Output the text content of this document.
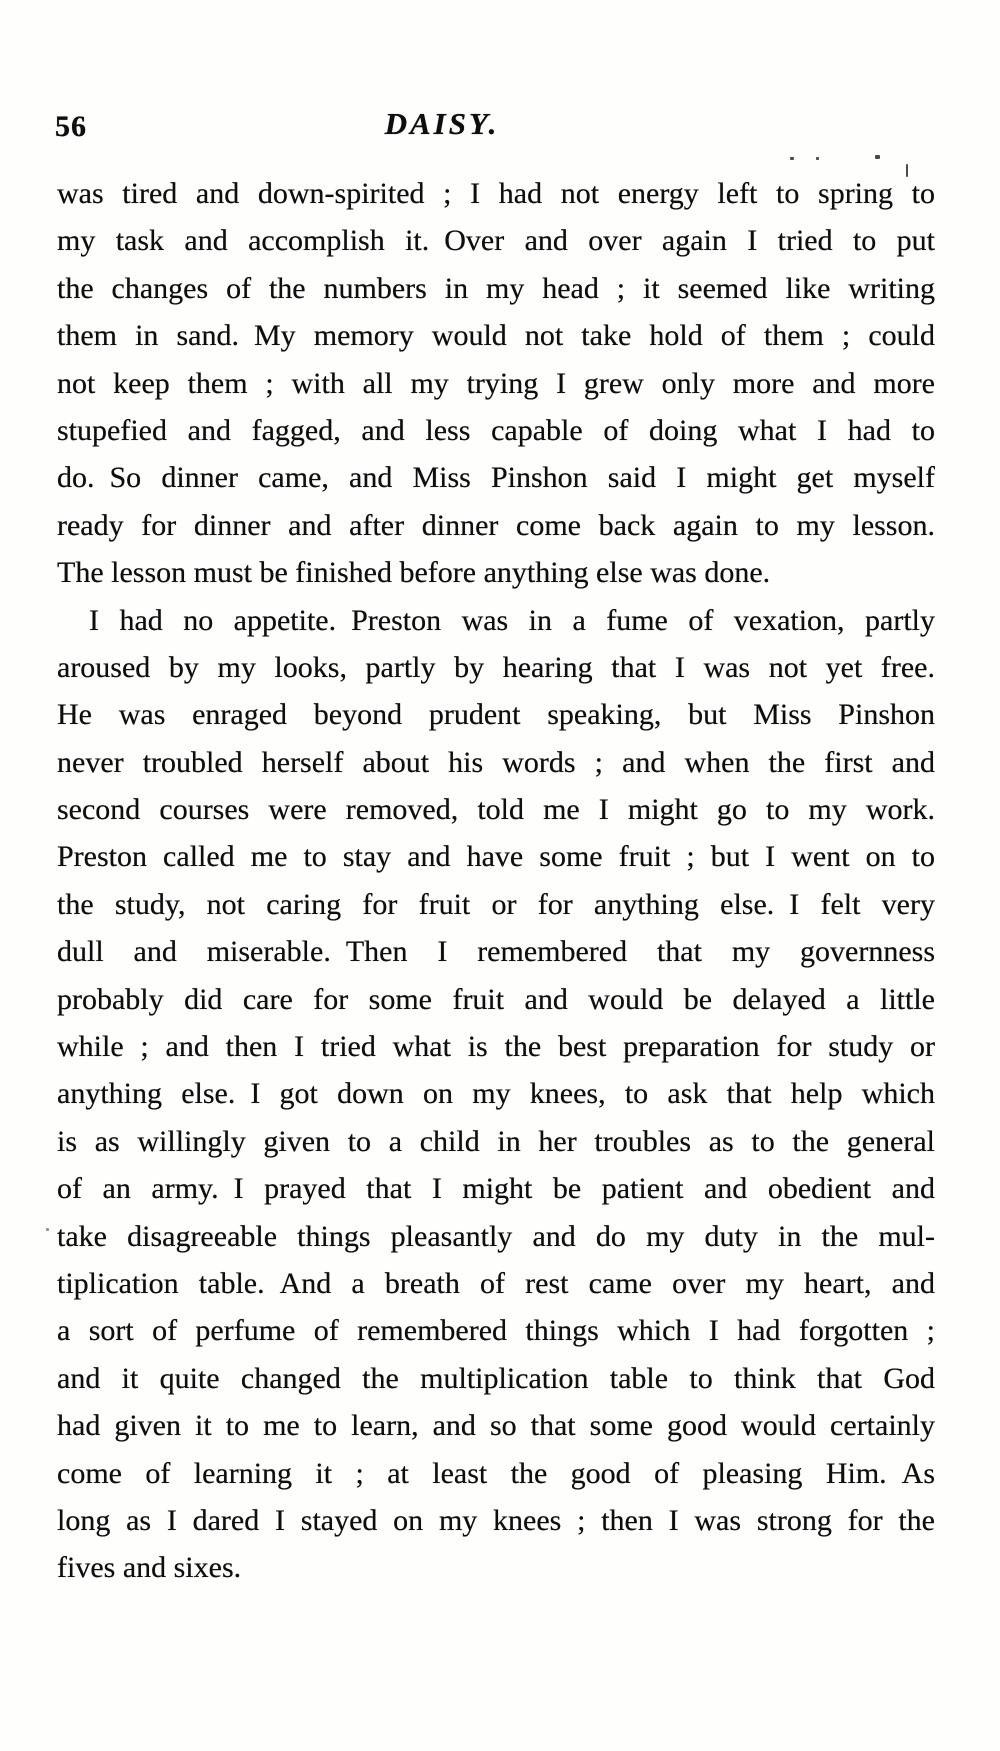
56	DAISY.
was tired and down-spirited ; I had not energy left to spring to
my task and accomplish it. Over and over again I tried to put
the changes of the numbers in my head ; it seemed like writing
them in sand. My memory would not take hold of them ; could
not keep them ; with all my trying I grew only more and more
stupefied and fagged, and less capable of doing what I had to
do. So dinner came, and Miss Pinshon said I might get myself
ready for dinner and after dinner come back again to my lesson.
The lesson must be finished before anything else was done.
I had no appetite. Preston was in a fume of vexation, partly
aroused by my looks, partly by hearing that I was not yet free.
He was enraged beyond prudent speaking, but Miss Pinshon
never troubled herself about his words ; and when the first and
second courses were removed, told me I might go to my work.
Preston called me to stay and have some fruit ; but I went on to
the study, not caring for fruit or for anything else. I felt very
dull and miserable. Then I remembered that my governness
probably did care for some fruit and would be delayed a little
while ; and then I tried what is the best preparation for study or
anything else. I got down on my knees, to ask that help which
is as willingly given to a child in her troubles as to the general
of an army. I prayed that I might be patient and obedient and
take disagreeable things pleasantly and do my duty in the mul-
tiplication table. And a breath of rest came over my heart, and
a sort of perfume of remembered things which I had forgotten ;
and it quite changed the multiplication table to think that God
had given it to me to learn, and so that some good would certainly
come of learning it ; at least the good of pleasing Him. As
long as I dared I stayed on my knees ; then I was strong for the
fives and sixes.
